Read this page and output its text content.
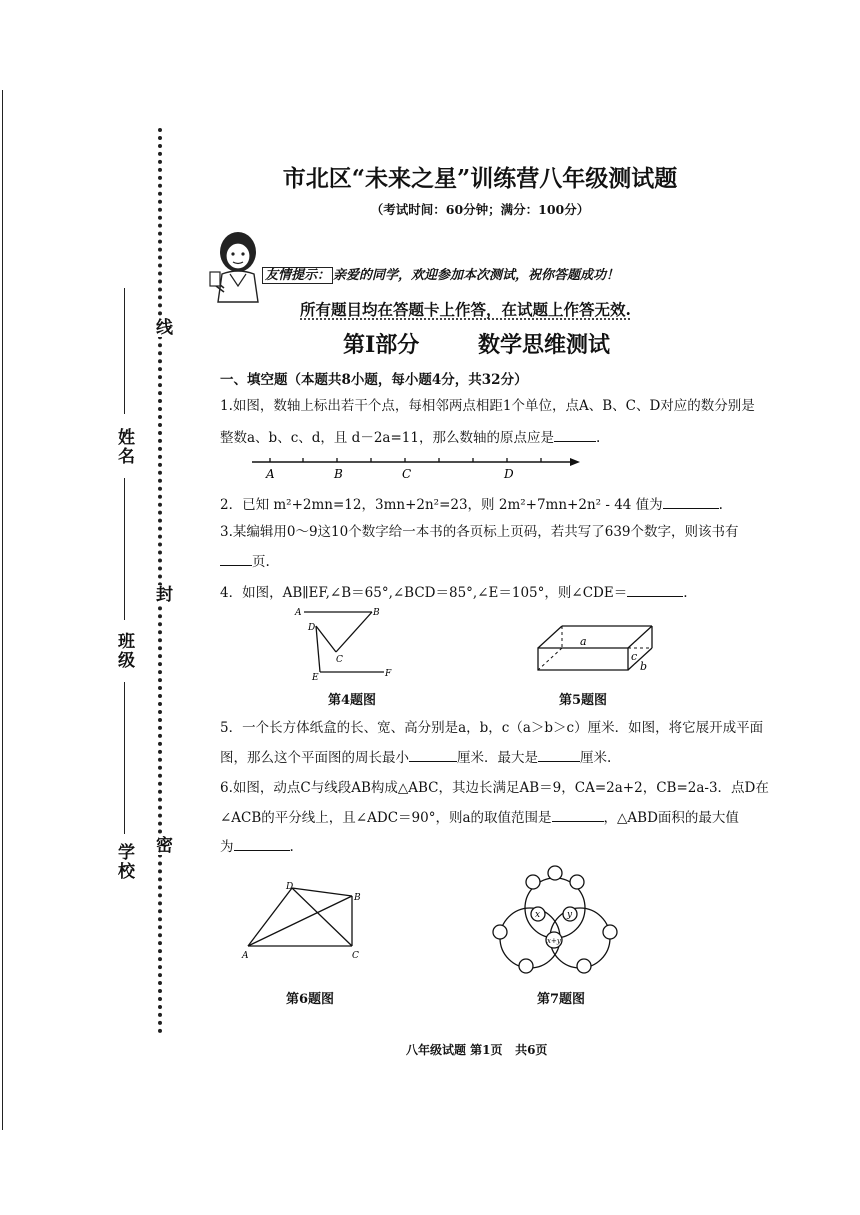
线
封
密
姓名
班级
学校
市北区“未来之星”训练营八年级测试题
（考试时间：60分钟；满分：100分）
友情提示： 亲爱的同学，欢迎参加本次测试，祝你答题成功！
所有题目均在答题卡上作答，在试题上作答无效.
第Ⅰ部分	数学思维测试
一、填空题（本题共8小题，每小题4分，共32分）
1.如图，数轴上标出若干个点，每相邻两点相距1个单位，点A、B、C、D对应的数分别是
整数a、b、c、d，且 d－2a=11，那么数轴的原点应是	.
A	B	C	D
2．已知 m²+2mn=12，3mn+2n²=23，则 2m²+7mn+2n² - 44 值为	.
3.某编辑用0～9这10个数字给一本书的各页标上页码，若共写了639个数字，则该书有
页.
4．如图，AB∥EF,∠B＝65°,∠BCD＝85°,∠E＝105°，则∠CDE＝	.
A	B
D
C
E	F
a
b
c
第4题图	第5题图
5．一个长方体纸盒的长、宽、高分别是a，b，c（a＞b＞c）厘米．如图，将它展开成平面
图，那么这个平面图的周长最小	厘米．最大是	厘米.
6.如图，动点C与线段AB构成△ABC，其边长满足AB＝9，CA=2a+2，CB=2a-3．点D在
∠ACB的平分线上，且∠ADC＝90°，则a的取值范围是	，△ABD面积的最大值
为	.
A	C
B
D
x	y
x+y
第6题图	第7题图
八年级试题 第1页 共6页
